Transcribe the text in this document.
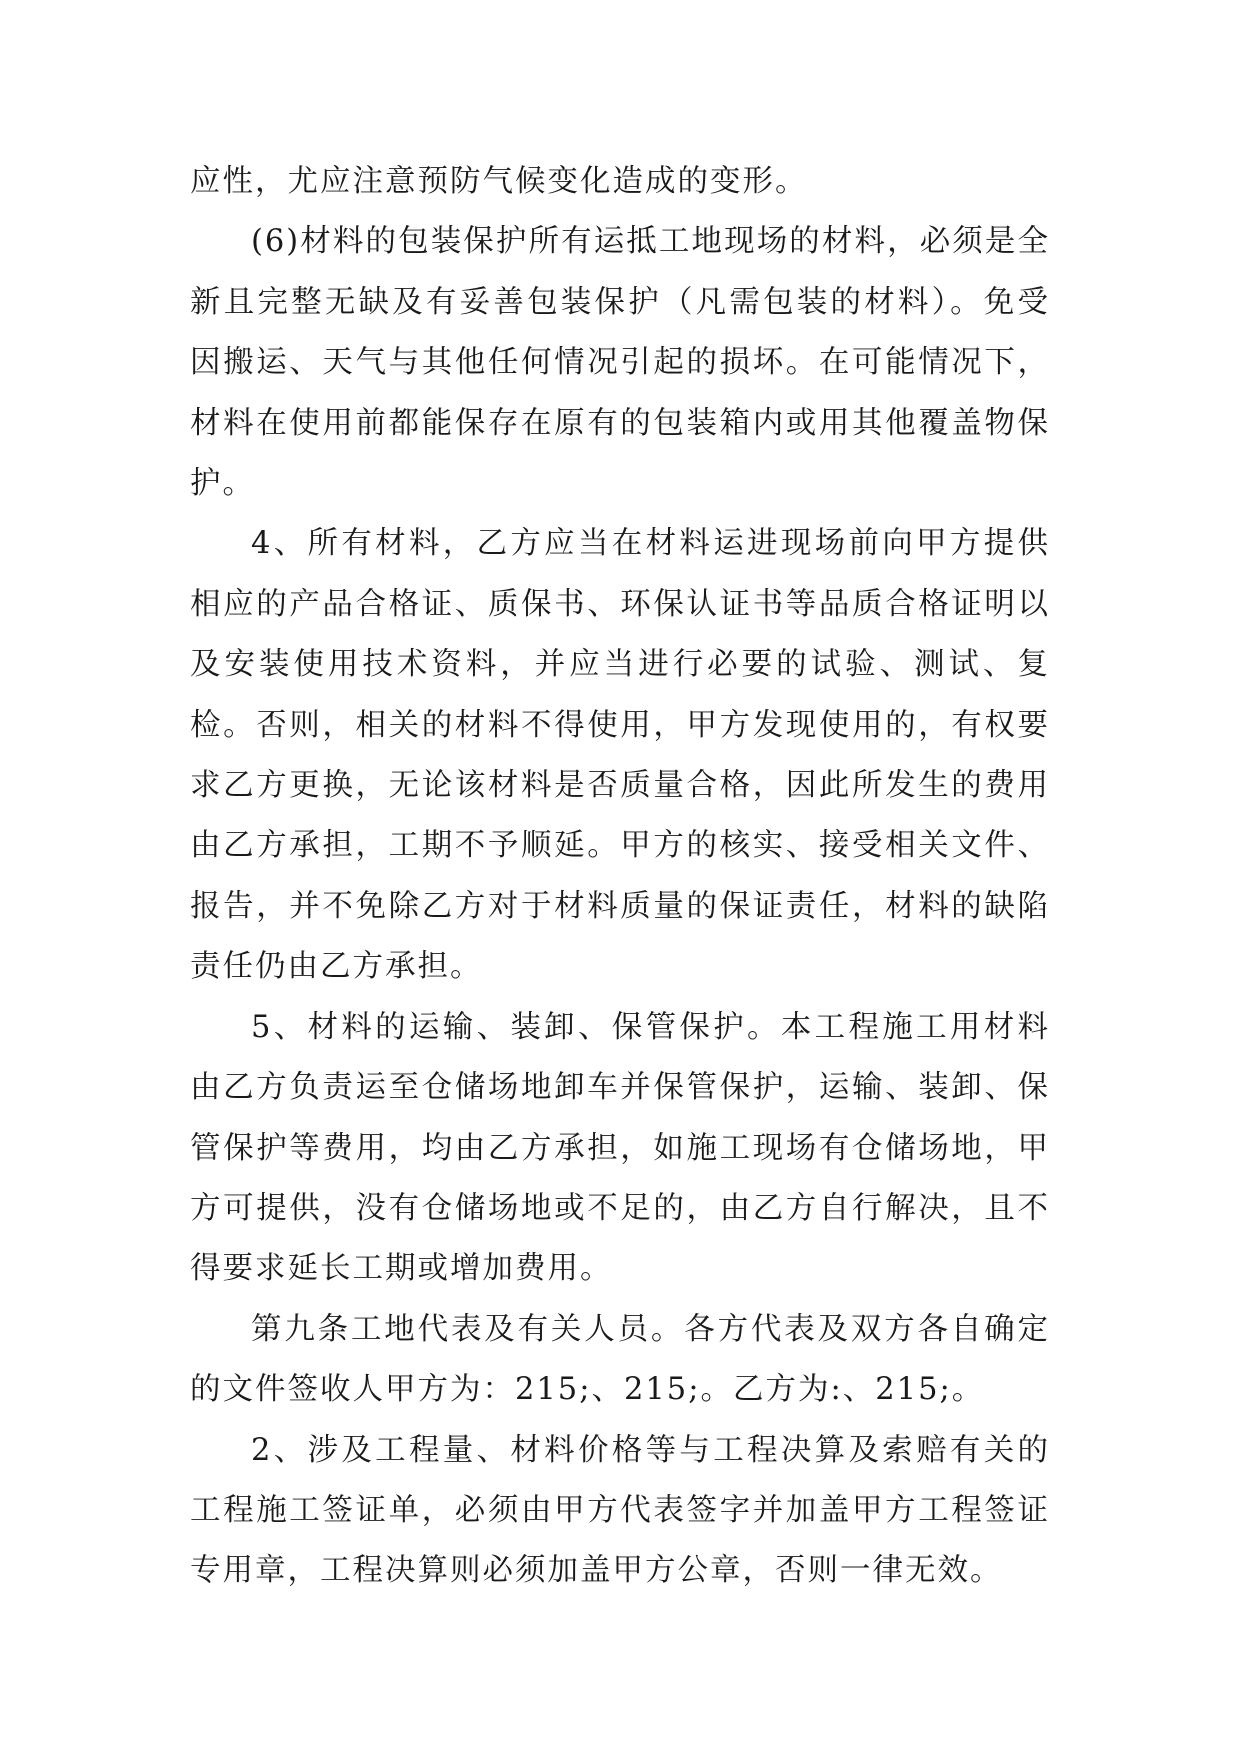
应性，尤应注意预防气候变化造成的变形。

(6)材料的包装保护所有运抵工地现场的材料，必须是全新且完整无缺及有妥善包装保护（凡需包装的材料）。免受因搬运、天气与其他任何情况引起的损坏。在可能情况下，材料在使用前都能保存在原有的包装箱内或用其他覆盖物保护。

4、所有材料，乙方应当在材料运进现场前向甲方提供相应的产品合格证、质保书、环保认证书等品质合格证明以及安装使用技术资料，并应当进行必要的试验、测试、复检。否则，相关的材料不得使用，甲方发现使用的，有权要求乙方更换，无论该材料是否质量合格，因此所发生的费用由乙方承担，工期不予顺延。甲方的核实、接受相关文件、报告，并不免除乙方对于材料质量的保证责任，材料的缺陷责任仍由乙方承担。

5、材料的运输、装卸、保管保护。本工程施工用材料由乙方负责运至仓储场地卸车并保管保护，运输、装卸、保管保护等费用，均由乙方承担，如施工现场有仓储场地，甲方可提供，没有仓储场地或不足的，由乙方自行解决，且不得要求延长工期或增加费用。

第九条工地代表及有关人员。各方代表及双方各自确定的文件签收人甲方为：215;、215;。乙方为:、215;。

2、涉及工程量、材料价格等与工程决算及索赔有关的工程施工签证单，必须由甲方代表签字并加盖甲方工程签证专用章，工程决算则必须加盖甲方公章，否则一律无效。
